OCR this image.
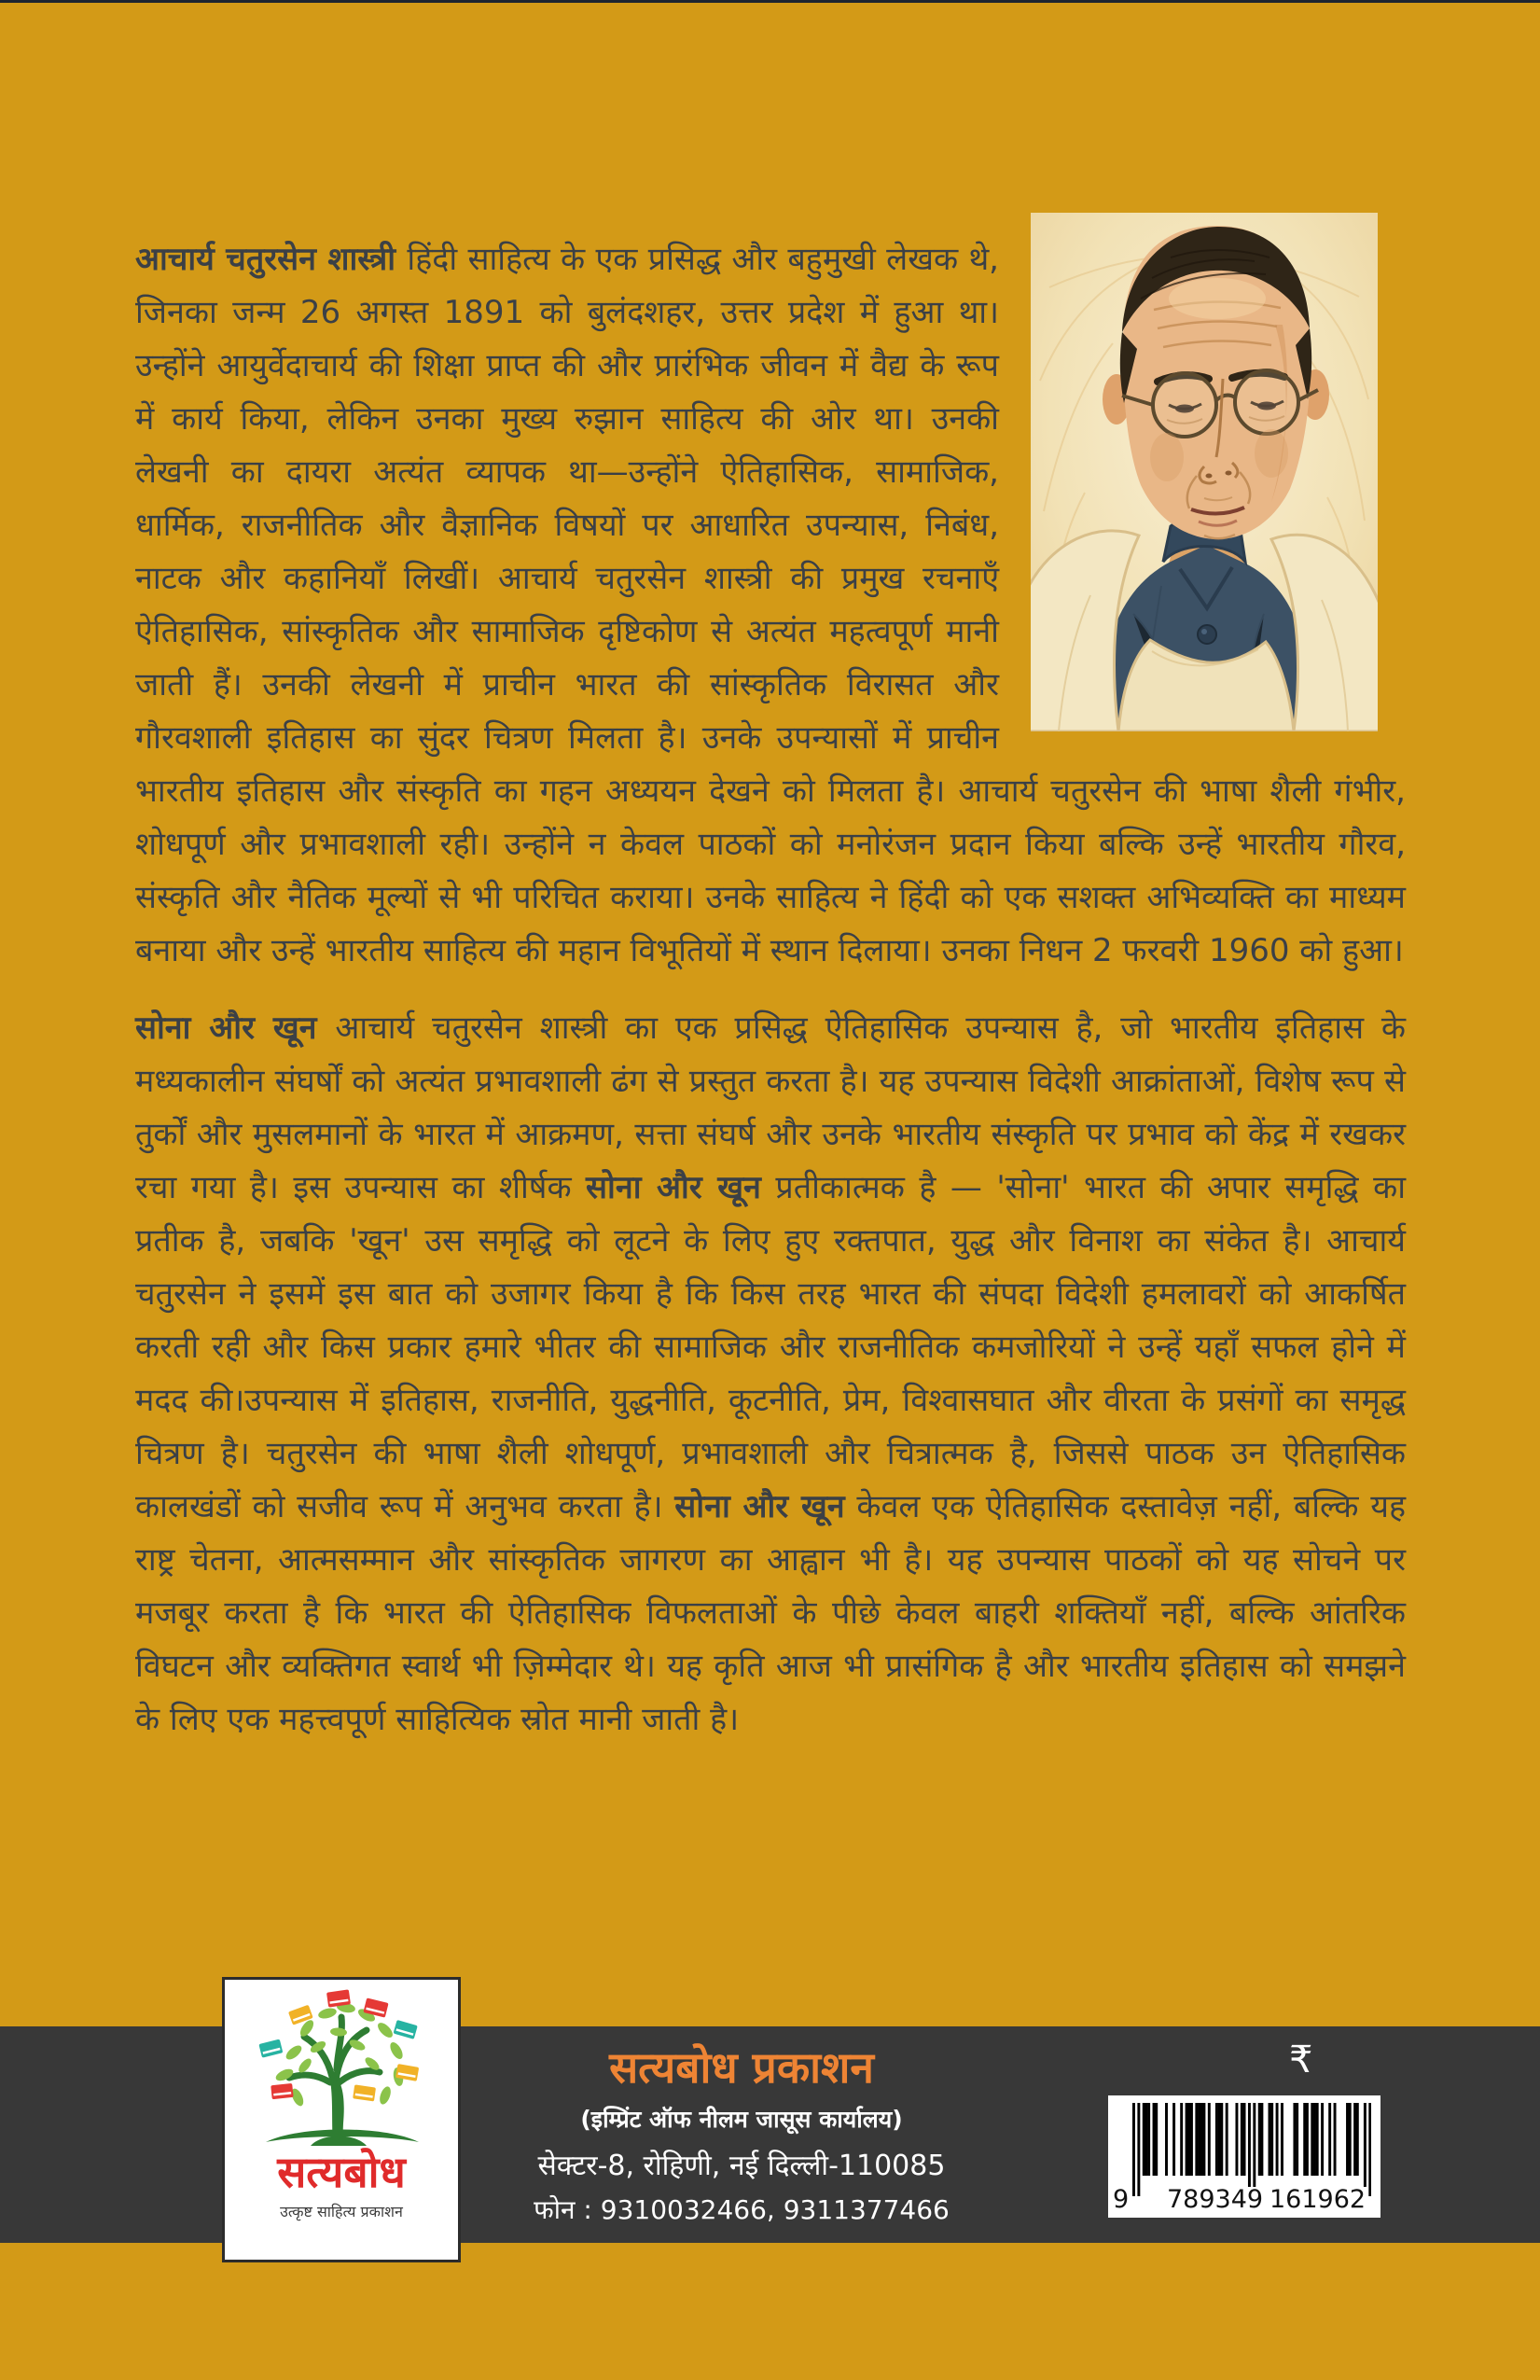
आचार्य चतुरसेन शास्त्री हिंदी साहित्य के एक प्रसिद्ध और बहुमुखी लेखक थे, जिनका जन्म 26 अगस्त 1891 को बुलंदशहर, उत्तर प्रदेश में हुआ था। उन्होंने आयुर्वेदाचार्य की शिक्षा प्राप्त की और प्रारंभिक जीवन में वैद्य के रूप में कार्य किया, लेकिन उनका मुख्य रुझान साहित्य की ओर था। उनकी लेखनी का दायरा अत्यंत व्यापक था—उन्होंने ऐतिहासिक, सामाजिक, धार्मिक, राजनीतिक और वैज्ञानिक विषयों पर आधारित उपन्यास, निबंध, नाटक और कहानियाँ लिखीं। आचार्य चतुरसेन शास्त्री की प्रमुख रचनाएँ ऐतिहासिक, सांस्कृतिक और सामाजिक दृष्टिकोण से अत्यंत महत्वपूर्ण मानी जाती हैं। उनकी लेखनी में प्राचीन भारत की सांस्कृतिक विरासत और गौरवशाली इतिहास का सुंदर चित्रण मिलता है। उनके उपन्यासों में प्राचीन भारतीय इतिहास और संस्कृति का गहन अध्ययन देखने को मिलता है। आचार्य चतुरसेन की भाषा शैली गंभीर, शोधपूर्ण और प्रभावशाली रही। उन्होंने न केवल पाठकों को मनोरंजन प्रदान किया बल्कि उन्हें भारतीय गौरव, संस्कृति और नैतिक मूल्यों से भी परिचित कराया। उनके साहित्य ने हिंदी को एक सशक्त अभिव्यक्ति का माध्यम बनाया और उन्हें भारतीय साहित्य की महान विभूतियों में स्थान दिलाया। उनका निधन 2 फरवरी 1960 को हुआ।

सोना और खून आचार्य चतुरसेन शास्त्री का एक प्रसिद्ध ऐतिहासिक उपन्यास है, जो भारतीय इतिहास के मध्यकालीन संघर्षों को अत्यंत प्रभावशाली ढंग से प्रस्तुत करता है। यह उपन्यास विदेशी आक्रांताओं, विशेष रूप से तुर्कों और मुसलमानों के भारत में आक्रमण, सत्ता संघर्ष और उनके भारतीय संस्कृति पर प्रभाव को केंद्र में रखकर रचा गया है। इस उपन्यास का शीर्षक सोना और खून प्रतीकात्मक है — 'सोना' भारत की अपार समृद्धि का प्रतीक है, जबकि 'खून' उस समृद्धि को लूटने के लिए हुए रक्तपात, युद्ध और विनाश का संकेत है। आचार्य चतुरसेन ने इसमें इस बात को उजागर किया है कि किस तरह भारत की संपदा विदेशी हमलावरों को आकर्षित करती रही और किस प्रकार हमारे भीतर की सामाजिक और राजनीतिक कमजोरियों ने उन्हें यहाँ सफल होने में मदद की।उपन्यास में इतिहास, राजनीति, युद्धनीति, कूटनीति, प्रेम, विश्वासघात और वीरता के प्रसंगों का समृद्ध चित्रण है। चतुरसेन की भाषा शैली शोधपूर्ण, प्रभावशाली और चित्रात्मक है, जिससे पाठक उन ऐतिहासिक कालखंडों को सजीव रूप में अनुभव करता है। सोना और खून केवल एक ऐतिहासिक दस्तावेज़ नहीं, बल्कि यह राष्ट्र चेतना, आत्मसम्मान और सांस्कृतिक जागरण का आह्वान भी है। यह उपन्यास पाठकों को यह सोचने पर मजबूर करता है कि भारत की ऐतिहासिक विफलताओं के पीछे केवल बाहरी शक्तियाँ नहीं, बल्कि आंतरिक विघटन और व्यक्तिगत स्वार्थ भी ज़िम्मेदार थे। यह कृति आज भी प्रासंगिक है और भारतीय इतिहास को समझने के लिए एक महत्त्वपूर्ण साहित्यिक स्रोत मानी जाती है।

सत्यबोध
उत्कृष्ट साहित्य प्रकाशन
सत्यबोध प्रकाशन
(इम्प्रिंट ऑफ नीलम जासूस कार्यालय)
सेक्टर-8, रोहिणी, नई दिल्ली-110085
फोन : 9310032466, 9311377466
₹
9 789349 161962
